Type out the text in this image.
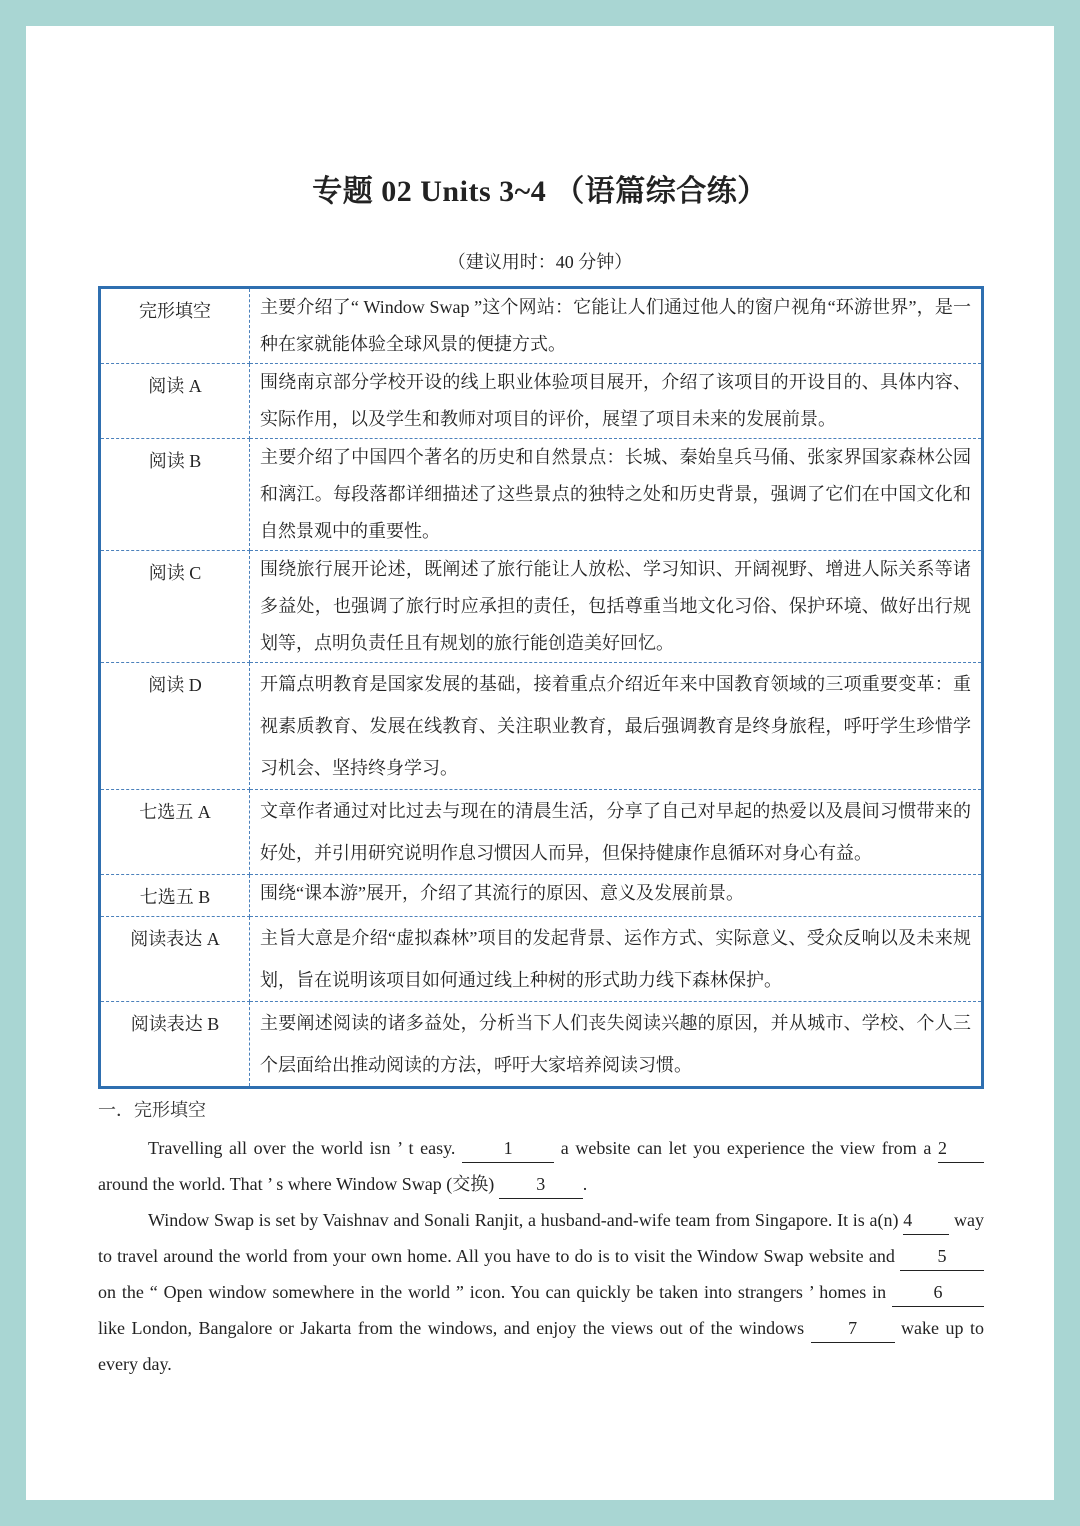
专题 02 Units 3~4 （语篇综合练）
（建议用时：40 分钟）
完形填空	主要介绍了“ Window Swap ”这个网站：它能让人们通过他人的窗户视角“环游世界”，是一种在家就能体验全球风景的便捷方式。
阅读 A	围绕南京部分学校开设的线上职业体验项目展开，介绍了该项目的开设目的、具体内容、实际作用，以及学生和教师对项目的评价，展望了项目未来的发展前景。
阅读 B	主要介绍了中国四个著名的历史和自然景点：长城、秦始皇兵马俑、张家界国家森林公园和漓江。每段落都详细描述了这些景点的独特之处和历史背景，强调了它们在中国文化和自然景观中的重要性。
阅读 C	围绕旅行展开论述，既阐述了旅行能让人放松、学习知识、开阔视野、增进人际关系等诸多益处，也强调了旅行时应承担的责任，包括尊重当地文化习俗、保护环境、做好出行规划等，点明负责任且有规划的旅行能创造美好回忆。
阅读 D	开篇点明教育是国家发展的基础，接着重点介绍近年来中国教育领域的三项重要变革：重视素质教育、发展在线教育、关注职业教育，最后强调教育是终身旅程，呼吁学生珍惜学习机会、坚持终身学习。
七选五 A	文章作者通过对比过去与现在的清晨生活，分享了自己对早起的热爱以及晨间习惯带来的好处，并引用研究说明作息习惯因人而异，但保持健康作息循环对身心有益。
七选五 B	围绕“课本游”展开，介绍了其流行的原因、意义及发展前景。
阅读表达 A	主旨大意是介绍“虚拟森林”项目的发起背景、运作方式、实际意义、受众反响以及未来规划，旨在说明该项目如何通过线上种树的形式助力线下森林保护。
阅读表达 B	主要阐述阅读的诸多益处，分析当下人们丧失阅读兴趣的原因，并从城市、学校、个人三个层面给出推动阅读的方法，呼吁大家培养阅读习惯。
一．完形填空

Travelling all over the world isn ’ t easy. 1 a website can let you experience the view from a 2 around the world. That ’ s where Window Swap (交换) 3 .

Window Swap is set by Vaishnav and Sonali Ranjit, a husband-and-wife team from Singapore. It is a(n) 4 way to travel around the world from your own home. All you have to do is to visit the Window Swap website and 5 on the “ Open window somewhere in the world ” icon. You can quickly be taken into strangers ’ homes in 6 like London, Bangalore or Jakarta from the windows, and enjoy the views out of the windows 7 wake up to every day.
